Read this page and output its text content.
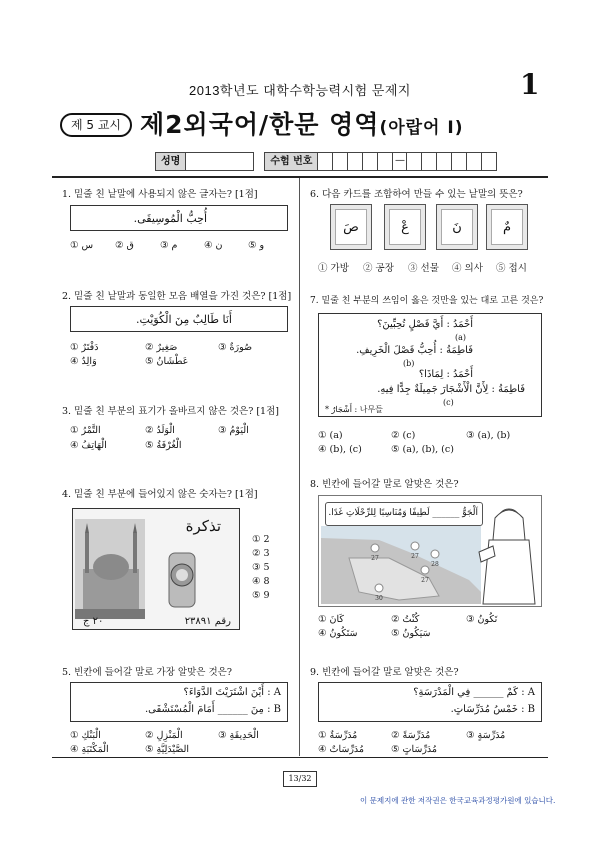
2013학년도 대학수학능력시험 문제지	1
제 5 교시 제2외국어/한문 영역(아랍어 I)
성명	수험 번호	—
1. 밑줄 친 낱말에 사용되지 않은 글자는? [1점]
أُحِبُّ الْمُوسِيقَى.
① س ② ق	③ م	④ ن	⑤ و
2. 밑줄 친 낱말과 동일한 모음 배열을 가진 것은? [1점]
أَنَا طَالِبٌ مِنَ الْكُوَيْتِ.
① دَفْتَرٌ	② صَغِيرٌ	③ صُورَةٌ
④ وَالِدٌ	⑤ عَطْشَانُ
3. 밑줄 친 부분의 표기가 올바르지 않은 것은? [1점]
① التَّمْرُ	② الْوَلَدُ	③ الْيَوْمُ
④ الْهَاتِفُ	⑤ الْغُرْفَةُ
4. 밑줄 친 부분에 들어있지 않은 숫자는? [1점]
تذكرة
٢٠ ج	رقم ٢٣٨٩١
① 2
② 3
③ 5
④ 8
⑤ 9
5. 빈칸에 들어갈 말로 가장 알맞은 것은?
A : أَيْنَ اشْتَرَيْتَ الدَّوَاءَ؟
B : مِنَ ______ أَمَامَ الْمُسْتَشْفَى.
① الْبَنْكِ	② الْمَنْزِلِ	③ الْحَدِيقَةِ
④ الْمَكْتَبَةِ	⑤ الصَّيْدَلِيَّةِ
6. 다음 카드를 조합하여 만들 수 있는 낱말의 뜻은?
صَ	عْ	نَ	مٌ
① 가방 ② 공장 ③ 선물 ④ 의사 ⑤ 접시
7. 밑줄 친 부분의 쓰임이 옳은 것만을 있는 대로 고른 것은?
أَحْمَدُ : أَيَّ فَصْلٍ تُحِبِّينَ؟
(a)
فَاطِمَةُ : أُحِبُّ فَصْلَ الْخَرِيفِ.
(b)
أَحْمَدُ : لِمَاذَا؟
فَاطِمَةُ : لِأَنَّ الْأَشْجَارَ جَمِيلَةٌ جِدًّا فِيهِ.
(c)
* أَشْجَارٌ : 나무들
① (a)	② (c)	③ (a), (b)
④ (b), (c)	⑤ (a), (b), (c)
8. 빈칸에 들어갈 말로 알맞은 것은?
27	27
28
27
30
اَلْجَوُّ ______ لَطِيفًا وَمُنَاسِبًا لِلرِّحْلَاتِ غَدًا.
① كَانَ	② كُنْتُ	③ تَكُونُ
④ سَتَكُونُ	⑤ سَيَكُونُ
9. 빈칸에 들어갈 말로 알맞은 것은?
A : كَمْ ______ فِي الْمَدْرَسَةِ؟
B : خَمْسُ مُدَرِّسَاتٍ.
① مُدَرِّسَةٌ	② مُدَرِّسَةً	③ مُدَرِّسَةٍ
④ مُدَرِّسَاتٌ	⑤ مُدَرِّسَاتٍ
13/32
이 문제지에 관한 저작권은 한국교육과정평가원에 있습니다.
